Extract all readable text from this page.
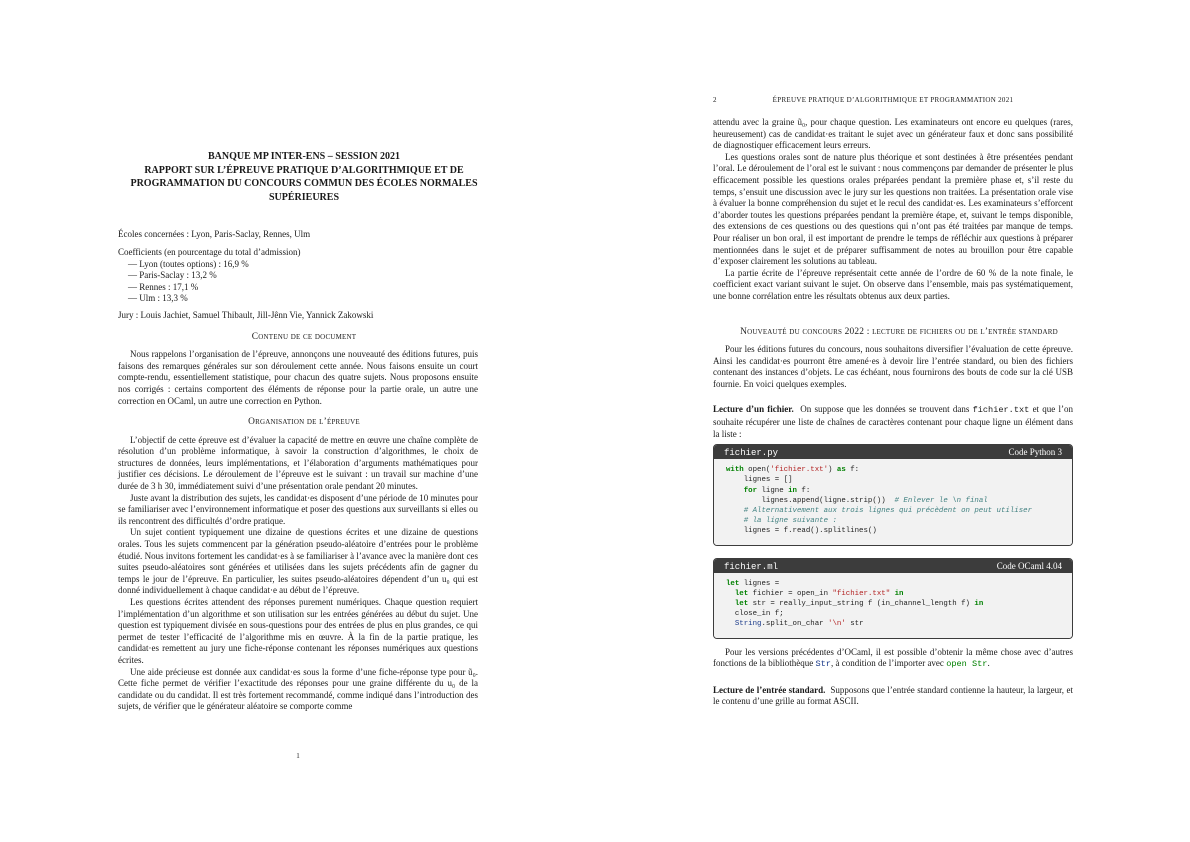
BANQUE MP INTER-ENS – SESSION 2021

RAPPORT SUR L’ÉPREUVE PRATIQUE D’ALGORITHMIQUE ET DE

PROGRAMMATION DU CONCOURS COMMUN DES ÉCOLES NORMALES

SUPÉRIEURES

Écoles concernées : Lyon, Paris-Saclay, Rennes, Ulm

Coefficients (en pourcentage du total d’admission)

— Lyon (toutes options) : 16,9 %
— Paris-Saclay : 13,2 %
— Rennes : 17,1 %
— Ulm : 13,3 %

Jury : Louis Jachiet, Samuel Thibault, Jill-Jênn Vie, Yannick Zakowski

Contenu de ce document

Nous rappelons l’organisation de l’épreuve, annonçons une nouveauté des éditions futures, puis faisons des remarques générales sur son déroulement cette année. Nous faisons ensuite un court compte-rendu, essentiellement statistique, pour chacun des quatre sujets. Nous proposons ensuite nos corrigés : certains comportent des éléments de réponse pour la partie orale, un autre une correction en OCaml, un autre une correction en Python.

Organisation de l’épreuve

L’objectif de cette épreuve est d’évaluer la capacité de mettre en œuvre une chaîne complète de résolution d’un problème informatique, à savoir la construction d’algorithmes, le choix de structures de données, leurs implémentations, et l’élaboration d’arguments mathématiques pour justifier ces décisions. Le déroulement de l’épreuve est le suivant : un travail sur machine d’une durée de 3 h 30, immédiatement suivi d’une présentation orale pendant 20 minutes.

Juste avant la distribution des sujets, les candidat·es disposent d’une période de 10 minutes pour se familiariser avec l’environnement informatique et poser des questions aux surveillants si elles ou ils rencontrent des difficultés d’ordre pratique.

Un sujet contient typiquement une dizaine de questions écrites et une dizaine de questions orales. Tous les sujets commencent par la génération pseudo-aléatoire d’entrées pour le problème étudié. Nous invitons fortement les candidat·es à se familiariser à l’avance avec la manière dont ces suites pseudo-aléatoires sont générées et utilisées dans les sujets précédents afin de gagner du temps le jour de l’épreuve. En particulier, les suites pseudo-aléatoires dépendent d’un u₀ qui est donné individuellement à chaque candidat·e au début de l’épreuve.

Les questions écrites attendent des réponses purement numériques. Chaque question requiert l’implémentation d’un algorithme et son utilisation sur les entrées générées au début du sujet. Une question est typiquement divisée en sous-questions pour des entrées de plus en plus grandes, ce qui permet de tester l’efficacité de l’algorithme mis en œuvre. À la fin de la partie pratique, les candidat·es remettent au jury une fiche-réponse contenant les réponses numériques aux questions écrites.

Une aide précieuse est donnée aux candidat·es sous la forme d’une fiche-réponse type pour ũ₀. Cette fiche permet de vérifier l’exactitude des réponses pour une graine différente du u₀ de la candidate ou du candidat. Il est très fortement recommandé, comme indiqué dans l’introduction des sujets, de vérifier que le générateur aléatoire se comporte comme

1
2	ÉPREUVE PRATIQUE D’ALGORITHMIQUE ET PROGRAMMATION 2021

attendu avec la graine ũ₀, pour chaque question. Les examinateurs ont encore eu quelques (rares, heureusement) cas de candidat·es traitant le sujet avec un générateur faux et donc sans possibilité de diagnostiquer efficacement leurs erreurs.

Les questions orales sont de nature plus théorique et sont destinées à être présentées pendant l’oral. Le déroulement de l’oral est le suivant : nous commençons par demander de présenter le plus efficacement possible les questions orales préparées pendant la première phase et, s’il reste du temps, s’ensuit une discussion avec le jury sur les questions non traitées. La présentation orale vise à évaluer la bonne compréhension du sujet et le recul des candidat·es. Les examinateurs s’efforcent d’aborder toutes les questions préparées pendant la première étape, et, suivant le temps disponible, des extensions de ces questions ou des questions qui n’ont pas été traitées par manque de temps. Pour réaliser un bon oral, il est important de prendre le temps de réfléchir aux questions à préparer mentionnées dans le sujet et de préparer suffisamment de notes au brouillon pour être capable d’exposer clairement les solutions au tableau.

La partie écrite de l’épreuve représentait cette année de l’ordre de 60 % de la note finale, le coefficient exact variant suivant le sujet. On observe dans l’ensemble, mais pas systématiquement, une bonne corrélation entre les résultats obtenus aux deux parties.

Nouveauté du concours 2022 : lecture de fichiers ou de l’entrée standard

Pour les éditions futures du concours, nous souhaitons diversifier l’évaluation de cette épreuve. Ainsi les candidat·es pourront être amené·es à devoir lire l’entrée standard, ou bien des fichiers contenant des instances d’objets. Le cas échéant, nous fournirons des bouts de code sur la clé USB fournie. En voici quelques exemples.

Lecture d’un fichier. On suppose que les données se trouvent dans fichier.txt et que l’on souhaite récupérer une liste de chaînes de caractères contenant pour chaque ligne un élément dans la liste :

fichier.py	Code Python 3
with open('fichier.txt') as f:
lignes = []
for ligne in f:
lignes.append(ligne.strip())  # Enlever le \n final
# Alternativement aux trois lignes qui précèdent on peut utiliser
# la ligne suivante :
lignes = f.read().splitlines()
fichier.ml	Code OCaml 4.04
let lignes =
let fichier = open_in "fichier.txt" in
let str = really_input_string f (in_channel_length f) in
close_in f;
String.split_on_char '\n' str

Pour les versions précédentes d’OCaml, il est possible d’obtenir la même chose avec d’autres fonctions de la bibliothèque Str, à condition de l’importer avec open Str.

Lecture de l’entrée standard. Supposons que l’entrée standard contienne la hauteur, la largeur, et le contenu d’une grille au format ASCII.
